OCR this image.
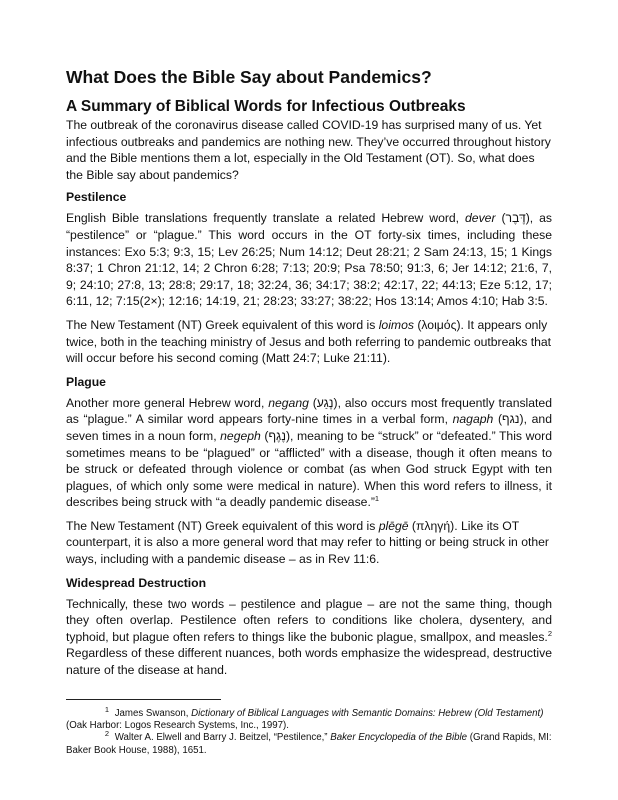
What Does the Bible Say about Pandemics?
A Summary of Biblical Words for Infectious Outbreaks

The outbreak of the coronavirus disease called COVID-19 has surprised many of us. Yet infectious outbreaks and pandemics are nothing new. They’ve occurred throughout history and the Bible mentions them a lot, especially in the Old Testament (OT). So, what does the Bible say about pandemics?

Pestilence

English Bible translations frequently translate a related Hebrew word, dever (דֶּבֶר), as “pestilence” or “plague.” This word occurs in the OT forty-six times, including these instances: Exo 5:3; 9:3, 15; Lev 26:25; Num 14:12; Deut 28:21; 2 Sam 24:13, 15; 1 Kings 8:37; 1 Chron 21:12, 14; 2 Chron 6:28; 7:13; 20:9; Psa 78:50; 91:3, 6; Jer 14:12; 21:6, 7, 9; 24:10; 27:8, 13; 28:8; 29:17, 18; 32:24, 36; 34:17; 38:2; 42:17, 22; 44:13; Eze 5:12, 17; 6:11, 12; 7:15(2×); 12:16; 14:19, 21; 28:23; 33:27; 38:22; Hos 13:14; Amos 4:10; Hab 3:5.

The New Testament (NT) Greek equivalent of this word is loimos (λοιμός). It appears only twice, both in the teaching ministry of Jesus and both referring to pandemic outbreaks that will occur before his second coming (Matt 24:7; Luke 21:11).

Plague

Another more general Hebrew word, negang (נֶגַע), also occurs most frequently translated as “plague.” A similar word appears forty-nine times in a verbal form, nagaph (נגף), and seven times in a noun form, negeph (נֶגֶף), meaning to be “struck” or “defeated.” This word sometimes means to be “plagued” or “afflicted” with a disease, though it often means to be struck or defeated through violence or combat (as when God struck Egypt with ten plagues, of which only some were medical in nature). When this word refers to illness, it describes being struck with “a deadly pandemic disease.”$^1$

The New Testament (NT) Greek equivalent of this word is plēgē (πληγή). Like its OT counterpart, it is also a more general word that may refer to hitting or being struck in other ways, including with a pandemic disease – as in Rev 11:6.

Widespread Destruction

Technically, these two words – pestilence and plague – are not the same thing, though they often overlap. Pestilence often refers to conditions like cholera, dysentery, and typhoid, but plague often refers to things like the bubonic plague, smallpox, and measles.$^2$ Regardless of these different nuances, both words emphasize the widespread, destructive nature of the disease at hand.

$^1$ James Swanson, Dictionary of Biblical Languages with Semantic Domains: Hebrew (Old Testament) (Oak Harbor: Logos Research Systems, Inc., 1997).

$^2$ Walter A. Elwell and Barry J. Beitzel, “Pestilence,” Baker Encyclopedia of the Bible (Grand Rapids, MI: Baker Book House, 1988), 1651.
